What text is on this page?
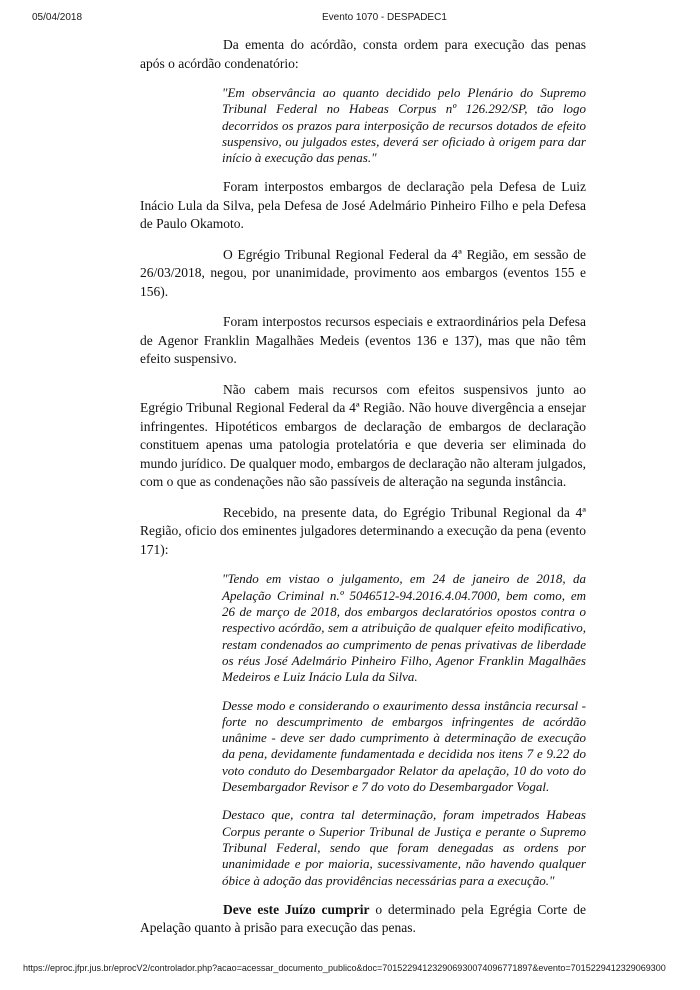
05/04/2018	Evento 1070 - DESPADEC1

Da ementa do acórdão, consta ordem para execução das penas após o acórdão condenatório:

"Em observância ao quanto decidido pelo Plenário do Supremo Tribunal Federal no Habeas Corpus nº 126.292/SP, tão logo decorridos os prazos para interposição de recursos dotados de efeito suspensivo, ou julgados estes, deverá ser oficiado à origem para dar início à execução das penas."

Foram interpostos embargos de declaração pela Defesa de Luiz Inácio Lula da Silva, pela Defesa de José Adelmário Pinheiro Filho e pela Defesa de Paulo Okamoto.

O Egrégio Tribunal Regional Federal da 4ª Região, em sessão de 26/03/2018, negou, por unanimidade, provimento aos embargos (eventos 155 e 156).

Foram interpostos recursos especiais e extraordinários pela Defesa de Agenor Franklin Magalhães Medeis (eventos 136 e 137), mas que não têm efeito suspensivo.

Não cabem mais recursos com efeitos suspensivos junto ao Egrégio Tribunal Regional Federal da 4ª Região. Não houve divergência a ensejar infringentes. Hipotéticos embargos de declaração de embargos de declaração constituem apenas uma patologia protelatória e que deveria ser eliminada do mundo jurídico. De qualquer modo, embargos de declaração não alteram julgados, com o que as condenações não são passíveis de alteração na segunda instância.

Recebido, na presente data, do Egrégio Tribunal Regional da 4ª Região, oficio dos eminentes julgadores determinando a execução da pena (evento 171):

"Tendo em vistao o julgamento, em 24 de janeiro de 2018, da Apelação Criminal n.º 5046512-94.2016.4.04.7000, bem como, em 26 de março de 2018, dos embargos declaratórios opostos contra o respectivo acórdão, sem a atribuição de qualquer efeito modificativo, restam condenados ao cumprimento de penas privativas de liberdade os réus José Adelmário Pinheiro Filho, Agenor Franklin Magalhães Medeiros e Luiz Inácio Lula da Silva.

Desse modo e considerando o exaurimento dessa instância recursal - forte no descumprimento de embargos infringentes de acórdão unânime - deve ser dado cumprimento à determinação de execução da pena, devidamente fundamentada e decidida nos itens 7 e 9.22 do voto conduto do Desembargador Relator da apelação, 10 do voto do Desembargador Revisor e 7 do voto do Desembargador Vogal.

Destaco que, contra tal determinação, foram impetrados Habeas Corpus perante o Superior Tribunal de Justiça e perante o Supremo Tribunal Federal, sendo que foram denegadas as ordens por unanimidade e por maioria, sucessivamente, não havendo qualquer óbice à adoção das providências necessárias para a execução."

Deve este Juízo cumprir o determinado pela Egrégia Corte de Apelação quanto à prisão para execução das penas.

https://eproc.jfpr.jus.br/eprocV2/controlador.php?acao=acessar_documento_publico&doc=701522941232906930074096771897&evento=7015229412329069300
